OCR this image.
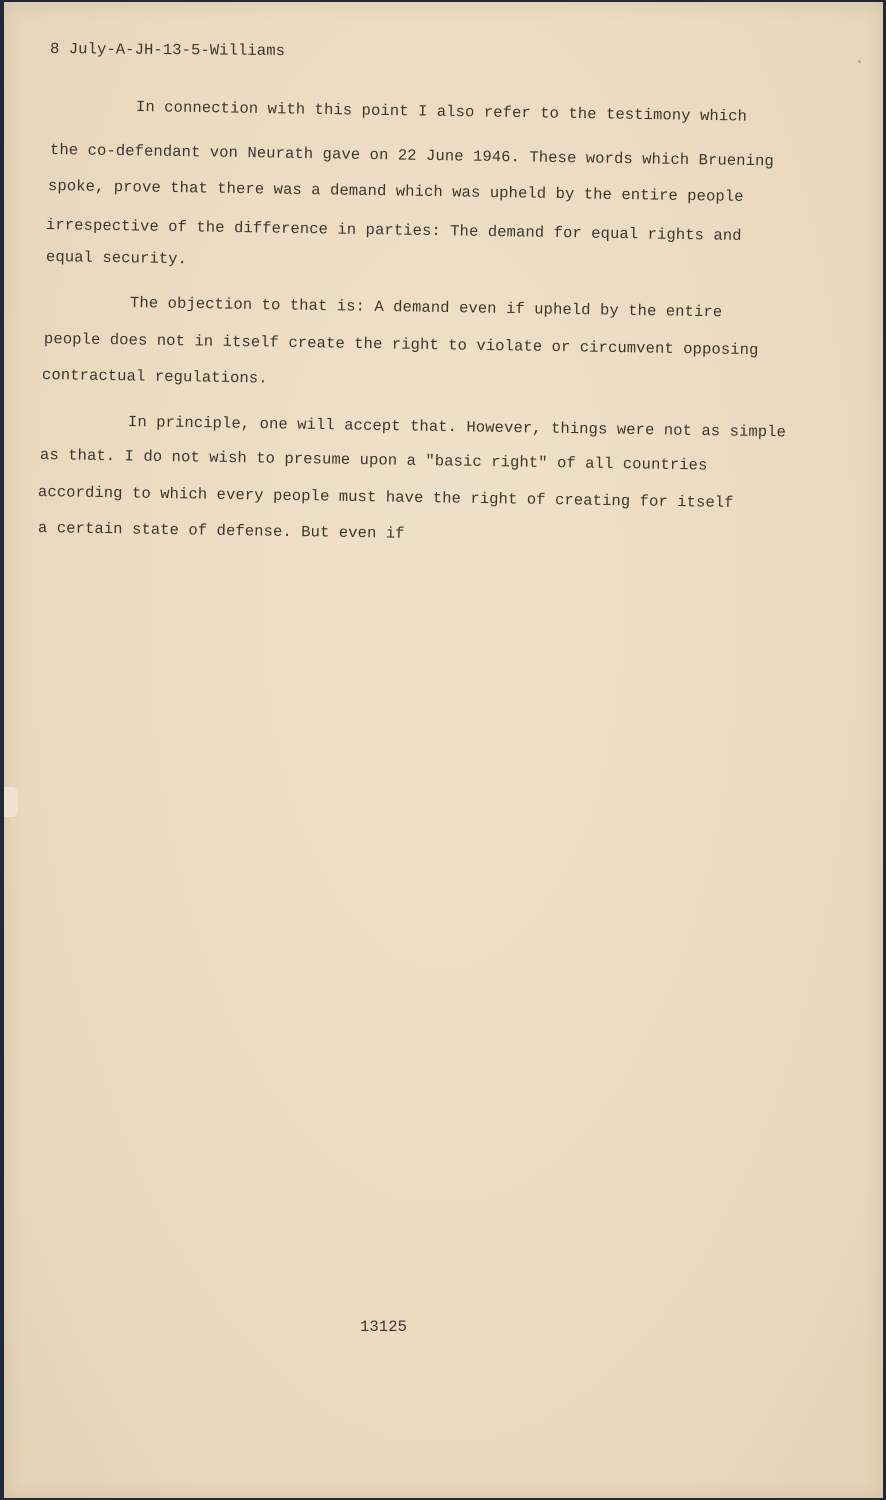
8 July-A-JH-13-5-Williams
In connection with this point I also refer to the testimony which
the co-defendant von Neurath gave on 22 June 1946. These words which Bruening
spoke, prove that there was a demand which was upheld by the entire people
irrespective of the difference in parties: The demand for equal rights and
equal security.
The objection to that is: A demand even if upheld by the entire
people does not in itself create the right to violate or circumvent opposing
contractual regulations.
In principle, one will accept that. However, things were not as simple
as that. I do not wish to presume upon a "basic right" of all countries
according to which every people must have the right of creating for itself
a certain state of defense. But even if
13125
